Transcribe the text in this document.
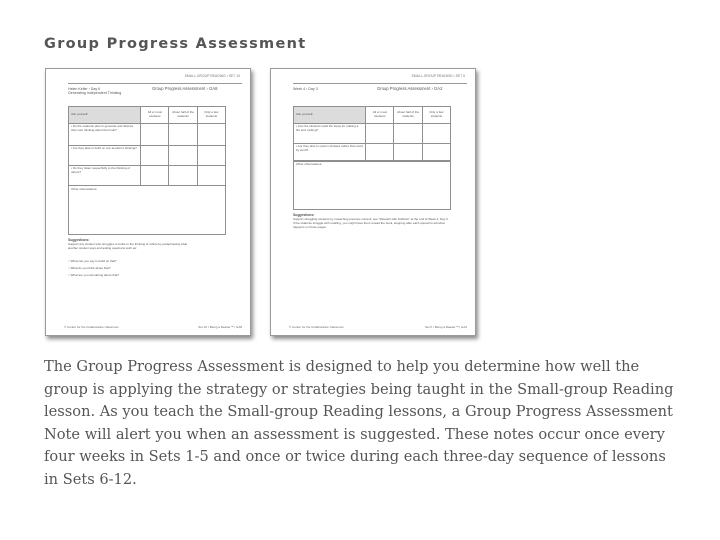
Group Progress Assessment
SMALL-GROUP READING ▪ SET 10
Helen Keller › Day 6
Generating Independent Thinking
Group Progress Assessment › GA8
Ask yourself:	All or most students	About half of the students	Only a few students
• Do the students plan to generate and discuss their own thinking about the book?			
• Are they able to build on one another's thinking?			
• Do they listen respectfully to the thinking of others?			
Other observations:
Suggestions:
Support any student who struggles to build on the thinking of others by paraphrasing what another student says and asking questions such as:
○ What can you say to build on that?
○ What do you think about that?
○ What are you wondering about that?
© Center for the Collaborative Classroom	Set 10 ▪ Being a Reader™ | GA8
SMALL-GROUP READING ▪ SET 5
Week 4 › Day 3	Group Progress Assessment › GA2
Ask yourself:	All or most students	About half of the students	Only a few students
• Can the students retell the steps for making a fire and rocking?			
• Are they able to read in phrases rather than word by word?			
Other observations:
Suggestions:
Support struggling students by reteaching previous content; see "Reteach with Softbots" at the end of Week 4, Day 3. If the students struggle with retelling, you might have them reread the book, stopping after each spread to tell what happens on those pages.
© Center for the Collaborative Classroom	Set 5 ▪ Being a Reader™ | GA2

The Group Progress Assessment is designed to help you determine how well the
group is applying the strategy or strategies being taught in the Small-group Reading
lesson. As you teach the Small-group Reading lessons, a Group Progress Assessment
Note will alert you when an assessment is suggested. These notes occur once every
four weeks in Sets 1-5 and once or twice during each three-day sequence of lessons
in Sets 6-12.
